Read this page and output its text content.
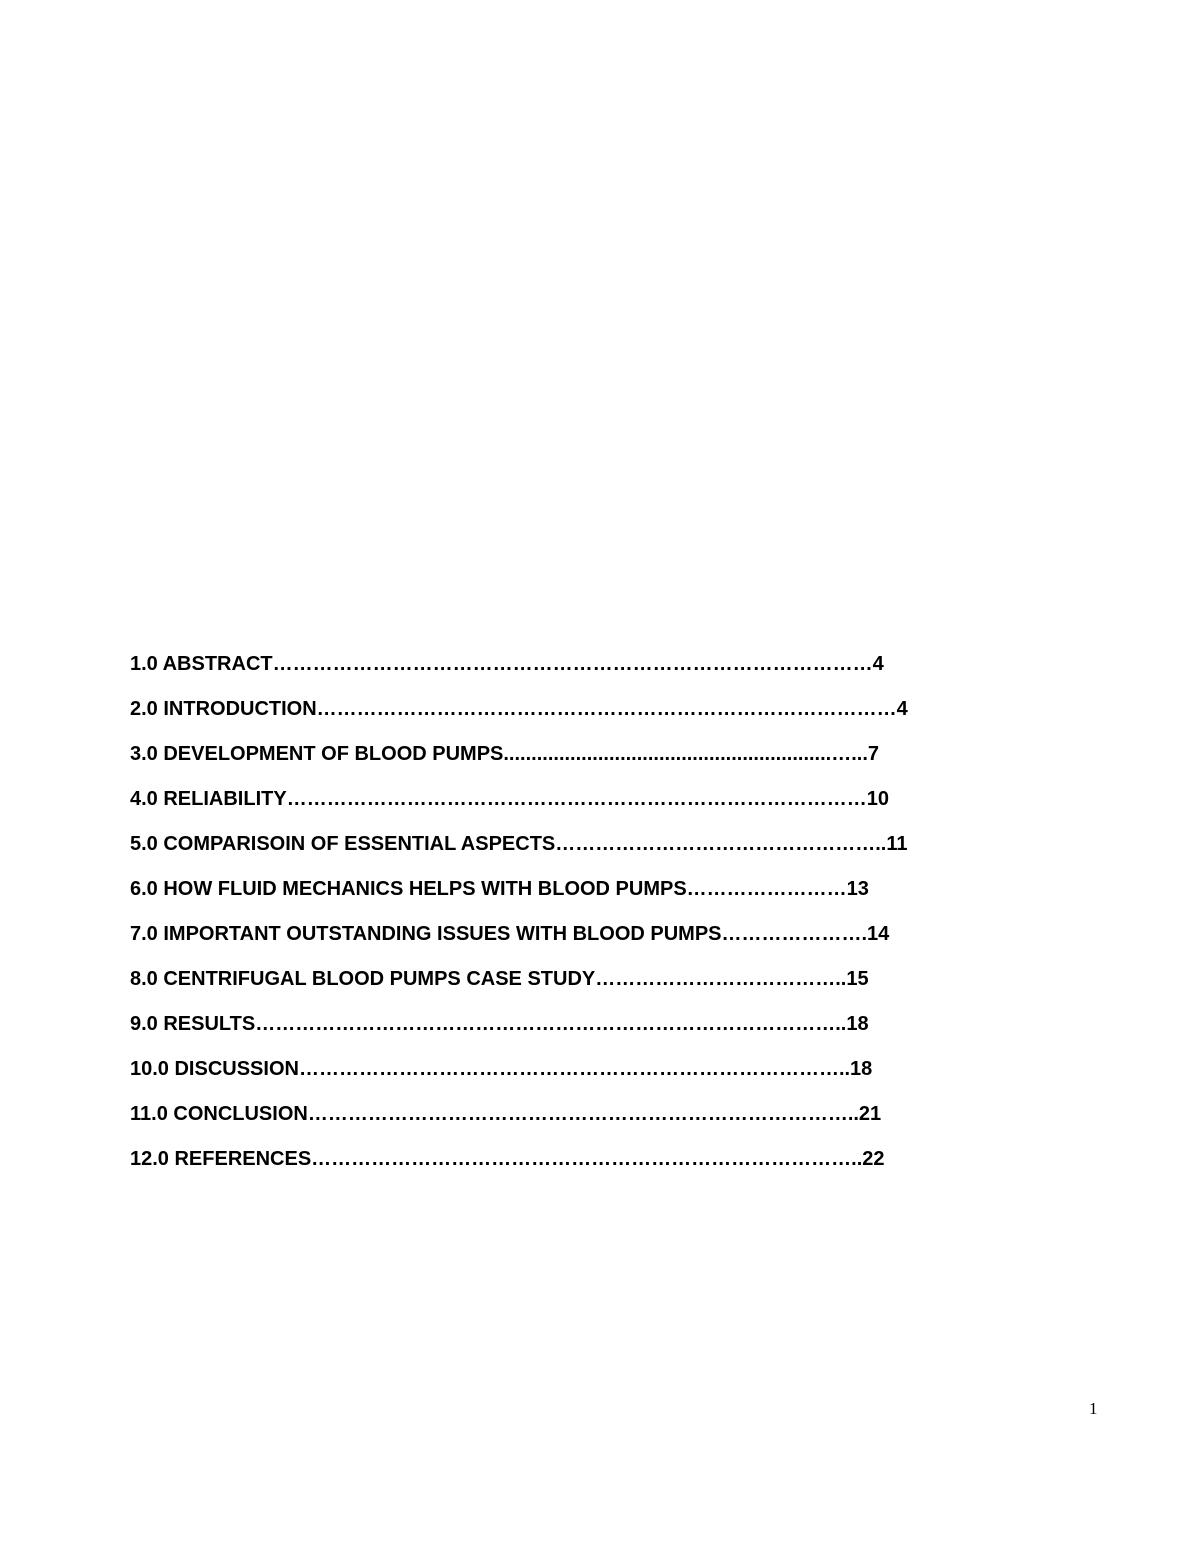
1.0 ABSTRACT………………………………………………………………………………4
2.0 INTRODUCTION……………………………………………………………………………4
3.0 DEVELOPMENT OF BLOOD PUMPS...........................................................…...7
4.0 RELIABILITY……………………………………………………………………………10
5.0 COMPARISOIN OF ESSENTIAL ASPECTS…………………………………………..11
6.0 HOW FLUID MECHANICS HELPS WITH BLOOD PUMPS……………………13
7.0 IMPORTANT OUTSTANDING ISSUES WITH BLOOD PUMPS………………….14
8.0 CENTRIFUGAL BLOOD PUMPS CASE STUDY………………………………..15
9.0 RESULTS……………………………………………………………………………..18
10.0 DISCUSSION………………………………………………………………………..18
11.0 CONCLUSION………………………………………………………………………..21
12.0 REFERENCES………………………………………………………………………..22
1
